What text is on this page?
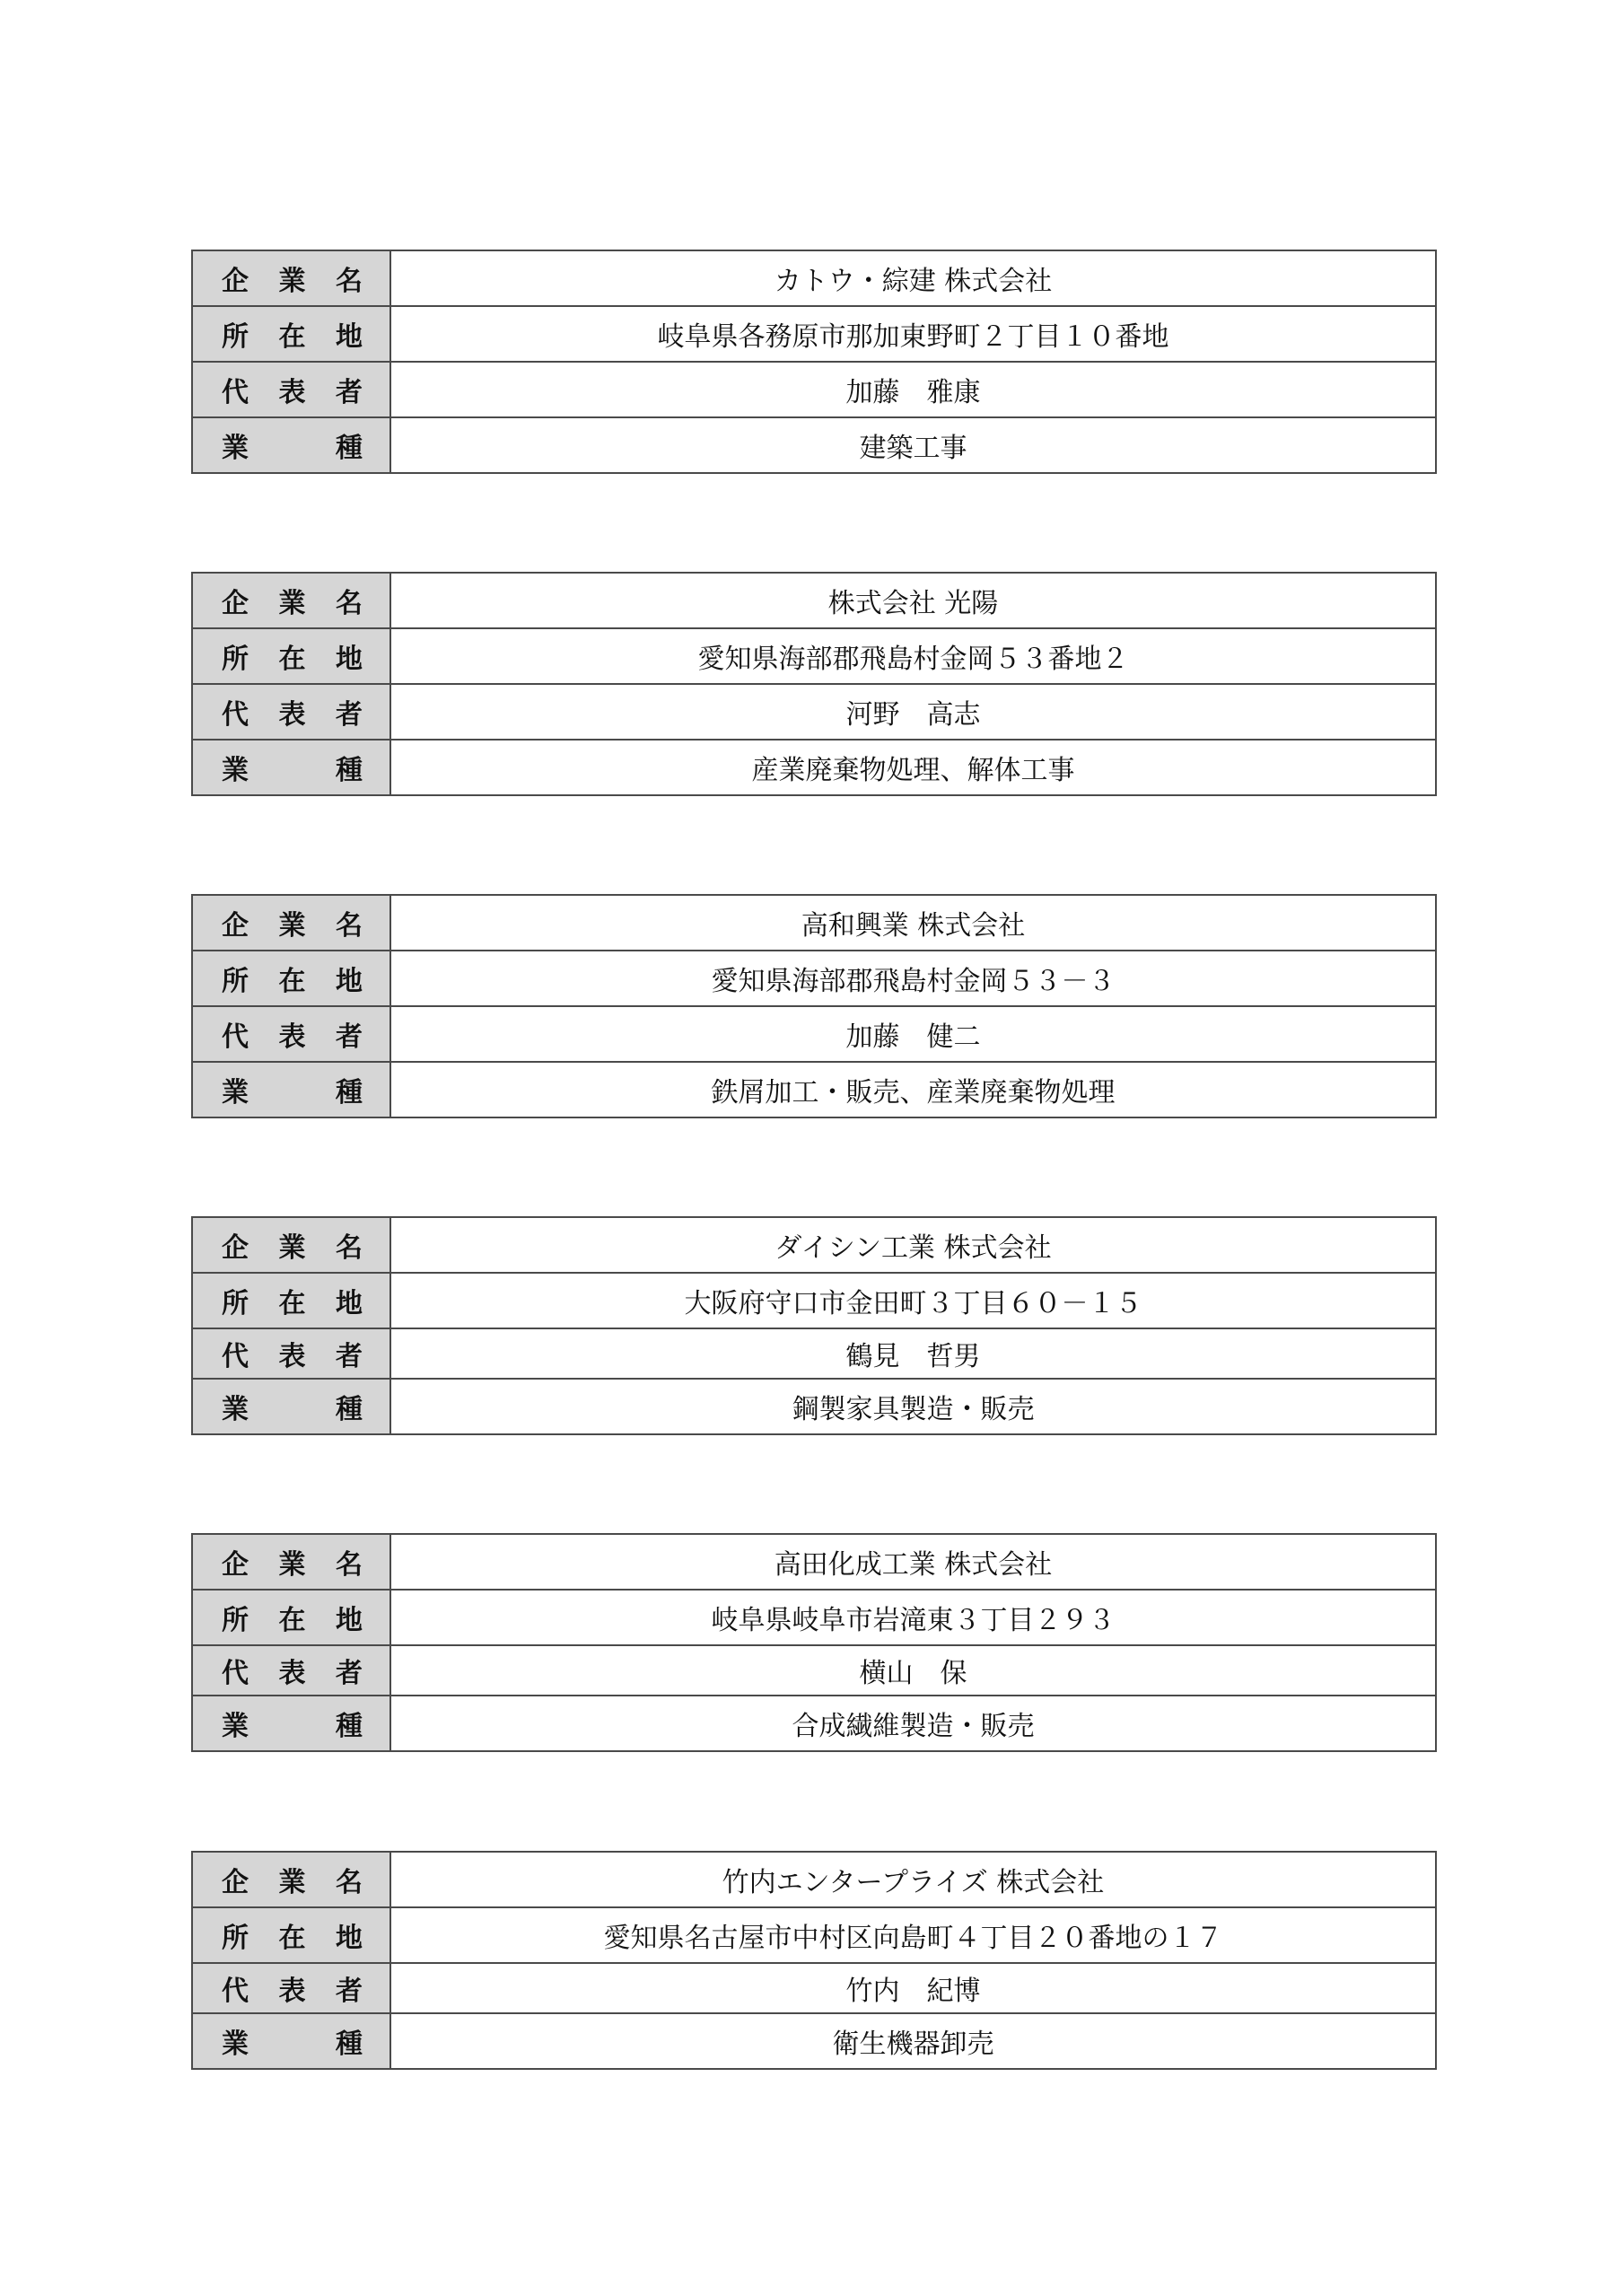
企 業 名	カトウ・綜建 株式会社

所 在 地	岐阜県各務原市那加東野町２丁目１０番地

代 表 者	加藤　雅康

業 種	建築工事
企 業 名	株式会社 光陽

所 在 地	愛知県海部郡飛島村金岡５３番地２

代 表 者	河野　高志

業 種	産業廃棄物処理、解体工事
企 業 名	高和興業 株式会社

所 在 地	愛知県海部郡飛島村金岡５３－３

代 表 者	加藤　健二

業 種	鉄屑加工・販売、産業廃棄物処理
企 業 名	ダイシン工業 株式会社

所 在 地	大阪府守口市金田町３丁目６０－１５

代 表 者	鶴見　哲男

業 種	鋼製家具製造・販売
企 業 名	高田化成工業 株式会社

所 在 地	岐阜県岐阜市岩滝東３丁目２９３

代 表 者	横山　保

業 種	合成繊維製造・販売
企 業 名	竹内エンタープライズ 株式会社

所 在 地	愛知県名古屋市中村区向島町４丁目２０番地の１７

代 表 者	竹内　紀博

業 種	衛生機器卸売
